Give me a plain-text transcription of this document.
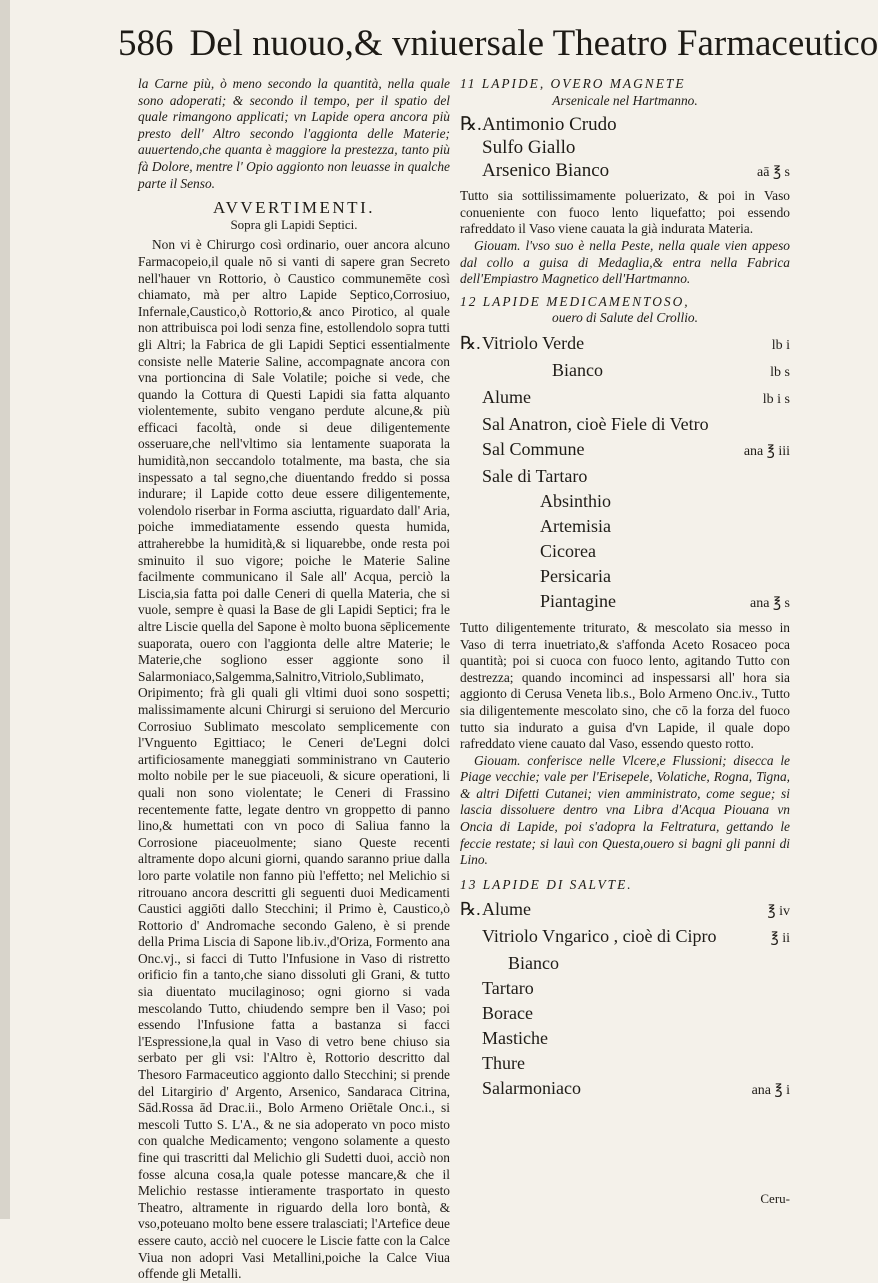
586 Del nuouo,& vniuersale Theatro Farmaceutico

la Carne più, ò meno secondo la quantità, nella quale sono adoperati; & secondo il tempo, per il spatio del quale rimangono applicati; vn Lapide opera ancora più presto dell' Altro secondo l'aggionta delle Materie; auuertendo,che quanta è maggiore la prestezza, tanto più fà Dolore, mentre l' Opio aggionto non leuasse in qualche parte il Senso.

AVVERTIMENTI.
Sopra gli Lapidi Septici.

Non vi è Chirurgo così ordinario, ouer ancora alcuno Farmacopeio,il quale nō si vanti di sapere gran Secreto nell'hauer vn Rottorio, ò Caustico communemēte così chiamato, mà per altro Lapide Septico,Corrosiuo, Infernale,Caustico,ò Rottorio,& anco Pirotico, al quale non attribuisca poi lodi senza fine, estollendolo sopra tutti gli Altri; la Fabrica de gli Lapidi Septici essentialmente consiste nelle Materie Saline, accompagnate ancora con vna portioncina di Sale Volatile; poiche si vede, che quando la Cottura di Questi Lapidi sia fatta alquanto violentemente, subito vengano perdute alcune,& più efficaci facoltà, onde si deue diligentemente osseruare,che nell'vltimo sia lentamente suaporata la humidità,non seccandolo totalmente, ma basta, che sia inspessato a tal segno,che diuentando freddo si possa indurare; il Lapide cotto deue essere diligentemente, volendolo riserbar in Forma asciutta, riguardato dall' Aria, poiche immediatamente essendo questa humida, attraherebbe la humidità,& si liquarebbe, onde resta poi sminuito il suo vigore; poiche le Materie Saline facilmente communicano il Sale all' Acqua, perciò la Liscia,sia fatta poi dalle Ceneri di quella Materia, che si vuole, sempre è quasi la Base de gli Lapidi Septici; fra le altre Liscie quella del Sapone è molto buona sēplicemente suaporata, ouero con l'aggionta delle altre Materie; le Materie,che sogliono esser aggionte sono il Salarmoniaco,Salgemma,Salnitro,Vitriolo,Sublimato, Oripimento; frà gli quali gli vltimi duoi sono sospetti; malissimamente alcuni Chirurgi si seruiono del Mercurio Corrosiuo Sublimato mescolato semplicemente con l'Vnguento Egittiaco; le Ceneri de'Legni dolci artificiosamente maneggiati somministrano vn Cauterio molto nobile per le sue piaceuoli, & sicure operationi, li quali non sono violentate; le Ceneri di Frassino recentemente fatte, legate dentro vn groppetto di panno lino,& humettati con vn poco di Saliua fanno la Corrosione piaceuolmente; siano Queste recenti altramente dopo alcuni giorni, quando saranno priue dalla loro parte volatile non fanno più l'effetto; nel Melichio si ritrouano ancora descritti gli seguenti duoi Medicamenti Caustici aggiōti dallo Stecchini; il Primo è, Caustico,ò Rottorio d' Andromache secondo Galeno, è si prende della Prima Liscia di Sapone lib.iv.,d'Oriza, Formento ana Onc.vj., si facci di Tutto l'Infusione in Vaso di ristretto orificio fin a tanto,che siano dissoluti gli Grani, & tutto sia diuentato mucilaginoso; ogni giorno si vada mescolando Tutto, chiudendo sempre ben il Vaso; poi essendo l'Infusione fatta a bastanza si facci l'Espressione,la qual in Vaso di vetro bene chiuso sia serbato per gli vsi: l'Altro è, Rottorio descritto dal Thesoro Farmaceutico aggionto dallo Stecchini; si prende del Litargirio d' Argento, Arsenico, Sandaraca Citrina, Sād.Rossa ād Drac.ii., Bolo Armeno Oriētale Onc.i., si mescoli Tutto S. L'A., & ne sia adoperato vn poco misto con qualche Medicamento; vengono solamente a questo fine qui trascritti dal Melichio gli Sudetti duoi, acciò non fosse alcuna cosa,la quale potesse mancare,& che il Melichio restasse intieramente trasportato in questo Theatro, altramente in riguardo della loro bontà, & vso,poteuano molto bene essere tralasciati; l'Artefice deue essere cauto, acciò nel cuocere le Liscie fatte con la Calce Viua non adopri Vasi Metallini,poiche la Calce Viua offende gli Metalli.

11 LAPIDE, OVERO MAGNETE
Arsenicale nel Hartmanno.
℞.Antimonio Crudo
Sulfo Giallo
Arsenico Bianco	aā ℥ s

Tutto sia sottilissimamente poluerizato, & poi in Vaso conueniente con fuoco lento liquefatto; poi essendo rafreddato il Vaso viene cauata la già indurata Materia.

Giouam. l'vso suo è nella Peste, nella quale vien appeso dal collo a guisa di Medaglia,& entra nella Fabrica dell'Empiastro Magnetico dell'Hartmanno.

12 LAPIDE MEDICAMENTOSO,
ouero di Salute del Crollio.
℞.Vitriolo Verde	lb i
Bianco	lb s
Alume	lb i s
Sal Anatron, cioè Fiele di Vetro
Sal Commune	ana ℥ iii
Sale di Tartaro
Absinthio
Artemisia
Cicorea
Persicaria
Piantagine	ana ℥ s

Tutto diligentemente triturato, & mescolato sia messo in Vaso di terra inuetriato,& s'affonda Aceto Rosaceo poca quantità; poi si cuoca con fuoco lento, agitando Tutto con destrezza; quando incominci ad inspessarsi all' hora sia aggionto di Cerusa Veneta lib.s., Bolo Armeno Onc.iv., Tutto sia diligentemente mescolato sino, che cō la forza del fuoco tutto sia indurato a guisa d'vn Lapide, il quale dopo rafreddato viene cauato dal Vaso, essendo questo rotto.

Giouam. conferisce nelle Vlcere,e Flussioni; disecca le Piage vecchie; vale per l'Erisepele, Volatiche, Rogna, Tigna, & altri Difetti Cutanei; vien amministrato, come segue; si lascia dissoluere dentro vna Libra d'Acqua Piouana vn Oncia di Lapide, poi s'adopra la Feltratura, gettando le feccie restate; si lauì con Questa,ouero si bagni gli panni di Lino.

13 LAPIDE DI SALVTE.
℞.Alume	℥ iv
Vitriolo Vngarico , cioè di Cipro	℥ ii
Bianco
Tartaro
Borace
Mastiche
Thure
Salarmoniaco	ana ℥ i
Ceru-
